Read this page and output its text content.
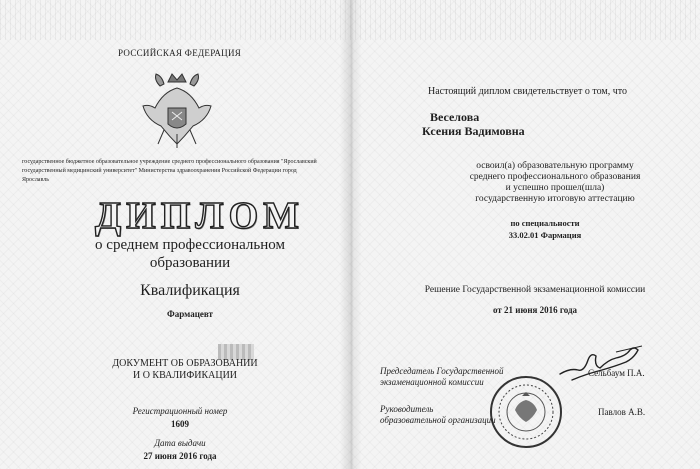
РОССИЙСКАЯ ФЕДЕРАЦИЯ
государственное бюджетное образовательное учреждение среднего профессионального образования "Ярославский государственный медицинский университет" Министерства здравоохранения Российской Федерации город Ярославль
ДИПЛОМ
о среднем профессиональном
образовании
Квалификация
Фармацевт
ДОКУМЕНТ ОБ ОБРАЗОВАНИИ
И О КВАЛИФИКАЦИИ
Регистрационный номер
1609
Дата выдачи
27 июня 2016 года
Настоящий диплом свидетельствует о том, что
Веселова
Ксения Вадимовна
освоил(а) образовательную программу
среднего профессионального образования
и успешно прошел(шла)
государственную итоговую аттестацию
по специальности
33.02.01 Фармация
Решение Государственной экзаменационной комиссии
от 21 июня 2016 года
Председатель Государственной
экзаменационной комиссии
Сельбаум П.А.
Руководитель
образовательной организации
Павлов А.В.
